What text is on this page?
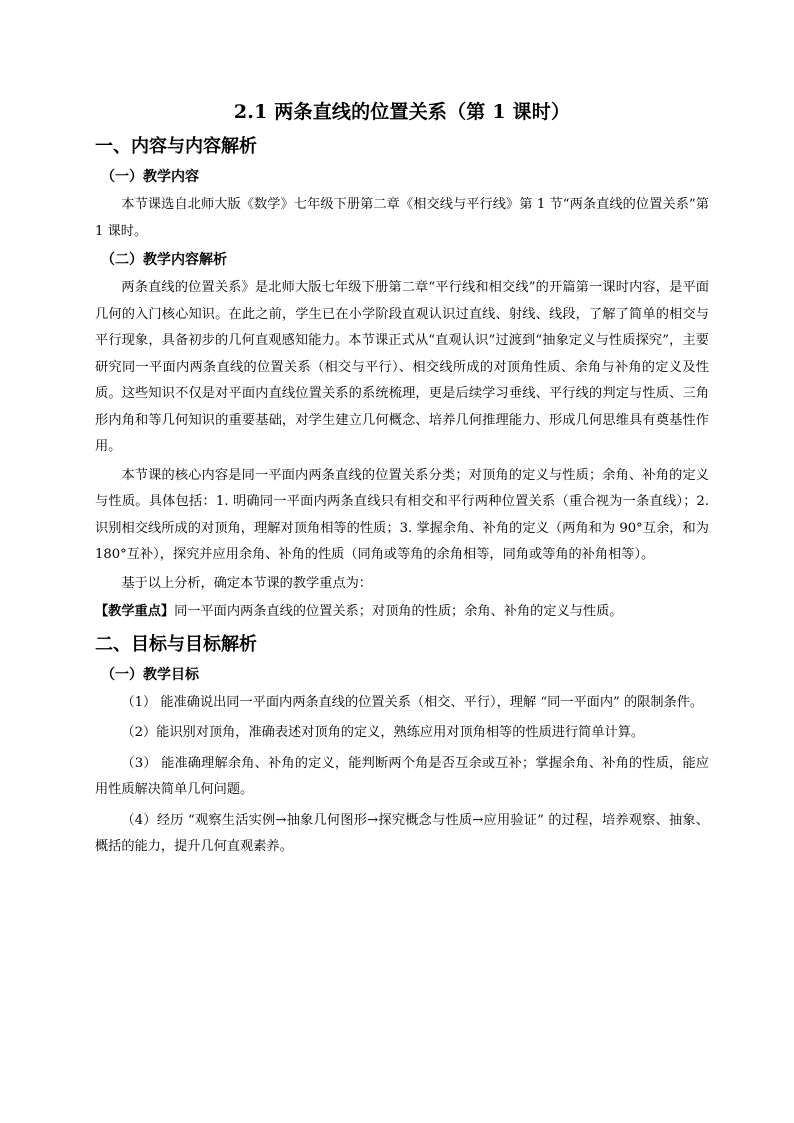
2.1 两条直线的位置关系（第 1 课时）
一、内容与内容解析
（一）教学内容
本节课选自北师大版《数学》七年级下册第二章《相交线与平行线》第 1 节“两条直线的位置关系”第 1 课时。
（二）教学内容解析
两条直线的位置关系》是北师大版七年级下册第二章“平行线和相交线”的开篇第一课时内容，是平面几何的入门核心知识。在此之前，学生已在小学阶段直观认识过直线、射线、线段，了解了简单的相交与平行现象，具备初步的几何直观感知能力。本节课正式从“直观认识”过渡到“抽象定义与性质探究”，主要研究同一平面内两条直线的位置关系（相交与平行）、相交线所成的对顶角性质、余角与补角的定义及性质。这些知识不仅是对平面内直线位置关系的系统梳理，更是后续学习垂线、平行线的判定与性质、三角形内角和等几何知识的重要基础，对学生建立几何概念、培养几何推理能力、形成几何思维具有奠基性作用。
本节课的核心内容是同一平面内两条直线的位置关系分类；对顶角的定义与性质；余角、补角的定义与性质。具体包括：1. 明确同一平面内两条直线只有相交和平行两种位置关系（重合视为一条直线）；2. 识别相交线所成的对顶角，理解对顶角相等的性质；3. 掌握余角、补角的定义（两角和为 90°互余，和为 180°互补），探究并应用余角、补角的性质（同角或等角的余角相等，同角或等角的补角相等）。
基于以上分析，确定本节课的教学重点为：
【教学重点】同一平面内两条直线的位置关系；对顶角的性质；余角、补角的定义与性质。
二、目标与目标解析
（一）教学目标
（1） 能准确说出同一平面内两条直线的位置关系（相交、平行），理解 “同一平面内” 的限制条件。
（2）能识别对顶角，准确表述对顶角的定义，熟练应用对顶角相等的性质进行简单计算。
（3） 能准确理解余角、补角的定义，能判断两个角是否互余或互补；掌握余角、补角的性质，能应用性质解决简单几何问题。
（4）经历 “观察生活实例→抽象几何图形→探究概念与性质→应用验证” 的过程，培养观察、抽象、概括的能力，提升几何直观素养。
